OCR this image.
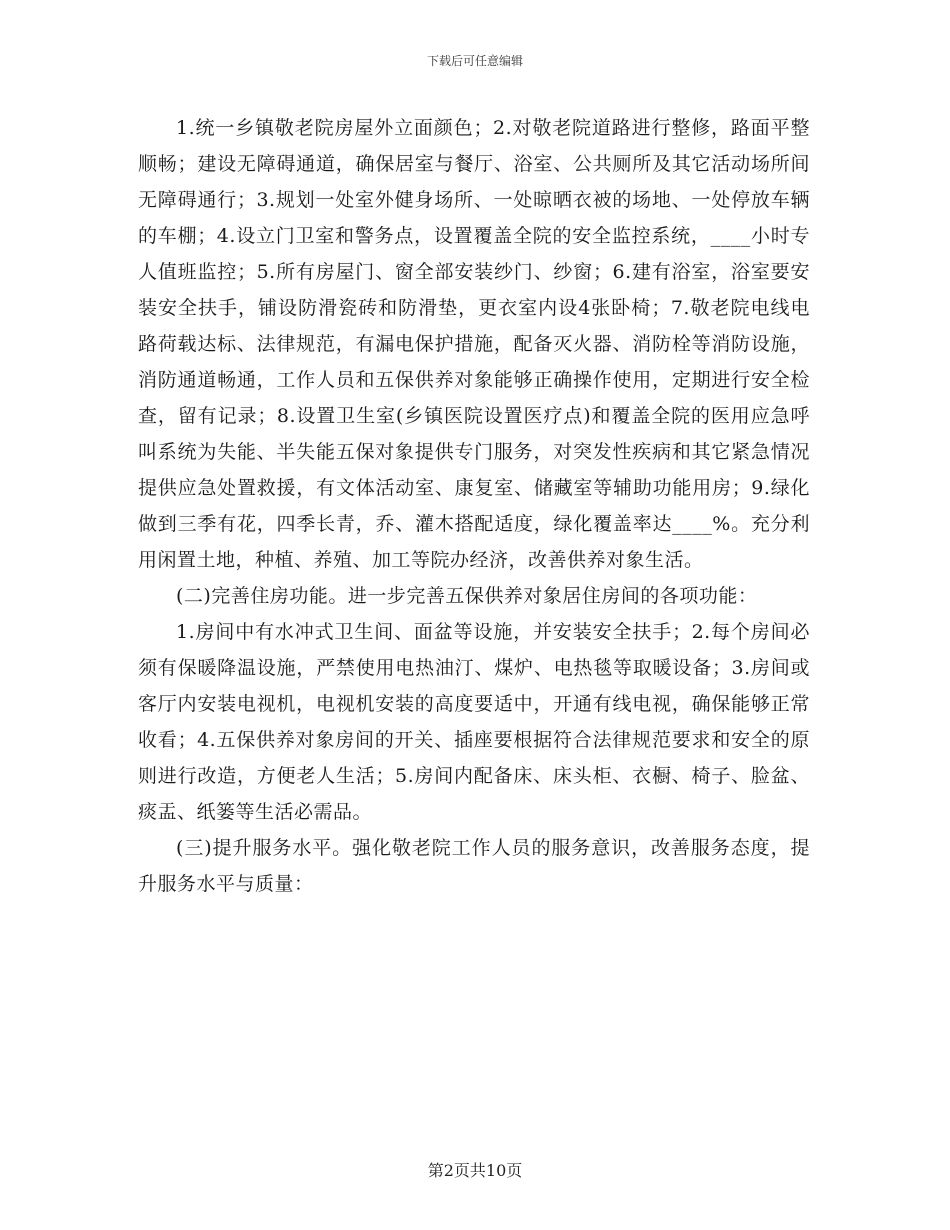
下载后可任意编辑

1.统一乡镇敬老院房屋外立面颜色；2.对敬老院道路进行整修，路面平整顺畅；建设无障碍通道，确保居室与餐厅、浴室、公共厕所及其它活动场所间无障碍通行；3.规划一处室外健身场所、一处晾晒衣被的场地、一处停放车辆的车棚；4.设立门卫室和警务点，设置覆盖全院的安全监控系统，____小时专人值班监控；5.所有房屋门、窗全部安装纱门、纱窗；6.建有浴室，浴室要安装安全扶手，铺设防滑瓷砖和防滑垫，更衣室内设4张卧椅；7.敬老院电线电路荷载达标、法律规范，有漏电保护措施，配备灭火器、消防栓等消防设施，消防通道畅通，工作人员和五保供养对象能够正确操作使用，定期进行安全检查，留有记录；8.设置卫生室(乡镇医院设置医疗点)和覆盖全院的医用应急呼叫系统为失能、半失能五保对象提供专门服务，对突发性疾病和其它紧急情况提供应急处置救援，有文体活动室、康复室、储藏室等辅助功能用房；9.绿化做到三季有花，四季长青，乔、灌木搭配适度，绿化覆盖率达____%。充分利用闲置土地，种植、养殖、加工等院办经济，改善供养对象生活。

(二)完善住房功能。进一步完善五保供养对象居住房间的各项功能：

1.房间中有水冲式卫生间、面盆等设施，并安装安全扶手；2.每个房间必须有保暖降温设施，严禁使用电热油汀、煤炉、电热毯等取暖设备；3.房间或客厅内安装电视机，电视机安装的高度要适中，开通有线电视，确保能够正常收看；4.五保供养对象房间的开关、插座要根据符合法律规范要求和安全的原则进行改造，方便老人生活；5.房间内配备床、床头柜、衣橱、椅子、脸盆、痰盂、纸篓等生活必需品。

(三)提升服务水平。强化敬老院工作人员的服务意识，改善服务态度，提升服务水平与质量：

第2页共10页
